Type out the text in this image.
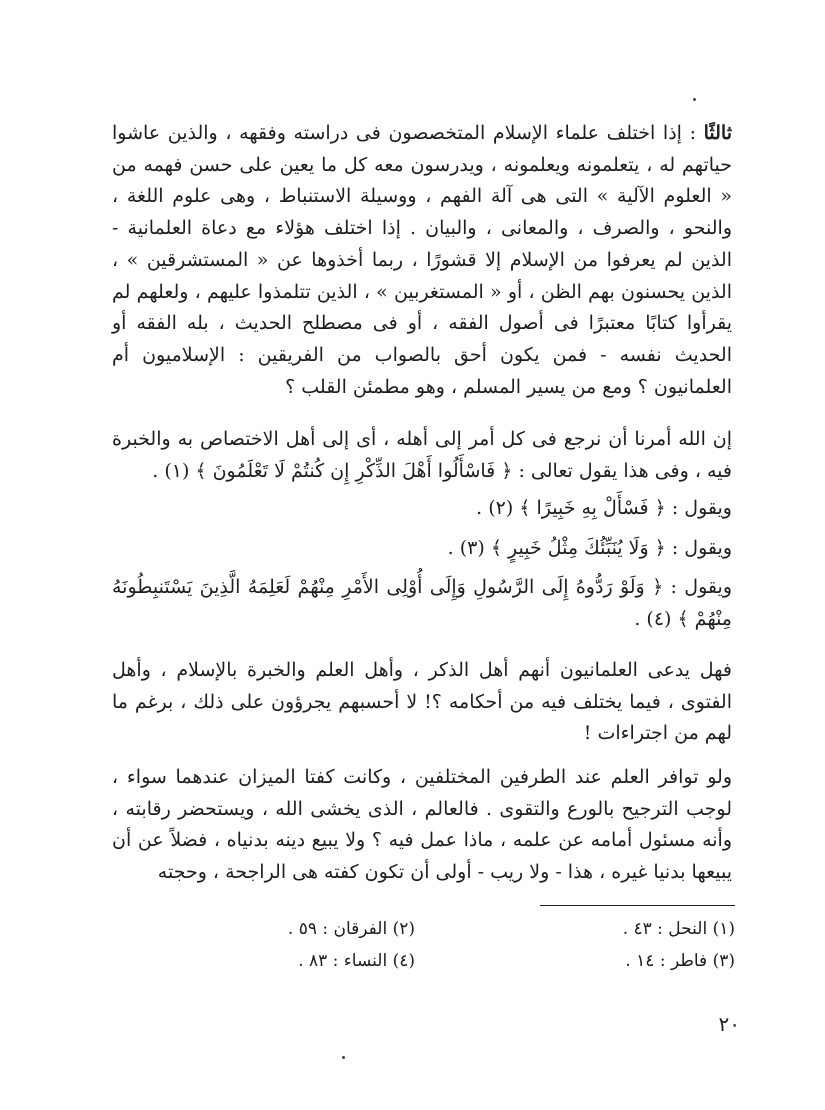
ثالثًا : إذا اختلف علماء الإسلام المتخصصون فى دراسته وفقهه ، والذين عاشوا حياتهم له ، يتعلمونه ويعلمونه ، ويدرسون معه كل ما يعين على حسن فهمه من « العلوم الآلية » التى هى آلة الفهم ، ووسيلة الاستنباط ، وهى علوم اللغة ، والنحو ، والصرف ، والمعانى ، والبيان . إذا اختلف هؤلاء مع دعاة العلمانية - الذين لم يعرفوا من الإسلام إلا قشورًا ، ربما أخذوها عن « المستشرقين » ، الذين يحسنون بهم الظن ، أو « المستغربين » ، الذين تتلمذوا عليهم ، ولعلهم لم يقرأوا كتابًا معتبرًا فى أصول الفقه ، أو فى مصطلح الحديث ، بله الفقه أو الحديث نفسه - فمن يكون أحق بالصواب من الفريقين : الإسلاميون أم العلمانيون ؟ ومع من يسير المسلم ، وهو مطمئن القلب ؟

إن الله أمرنا أن نرجع فى كل أمر إلى أهله ، أى إلى أهل الاختصاص به والخبرة فيه ، وفى هذا يقول تعالى : ﴿ فَاسْأَلُوا أَهْلَ الذِّكْرِ إِن كُنتُمْ لَا تَعْلَمُونَ ﴾ (١) .

ويقول : ﴿ فَسْأَلْ بِهِ خَبِيرًا ﴾ (٢) .

ويقول : ﴿ وَلَا يُنَبِّئُكَ مِثْلُ خَبِيرٍ ﴾ (٣) .

ويقول : ﴿ وَلَوْ رَدُّوهُ إِلَى الرَّسُولِ وَإِلَى أُوْلِى الأَمْرِ مِنْهُمْ لَعَلِمَهُ الَّذِينَ يَسْتَنبِطُونَهُ مِنْهُمْ ﴾ (٤) .

فهل يدعى العلمانيون أنهم أهل الذكر ، وأهل العلم والخبرة بالإسلام ، وأهل الفتوى ، فيما يختلف فيه من أحكامه ؟! لا أحسبهم يجرؤون على ذلك ، برغم ما لهم من اجتراءات !

ولو توافر العلم عند الطرفين المختلفين ، وكانت كفتا الميزان عندهما سواء ، لوجب الترجيح بالورع والتقوى . فالعالم ، الذى يخشى الله ، ويستحضر رقابته ، وأنه مسئول أمامه عن علمه ، ماذا عمل فيه ؟ ولا يبيع دينه بدنياه ، فضلاً عن أن يبيعها بدنيا غيره ، هذا - ولا ريب - أولى أن تكون كفته هى الراجحة ، وحجته

(١) النحل : ٤٣ .
(٢) الفرقان : ٥٩ .
(٣) فاطر : ١٤ .
(٤) النساء : ٨٣ .
٢٠
